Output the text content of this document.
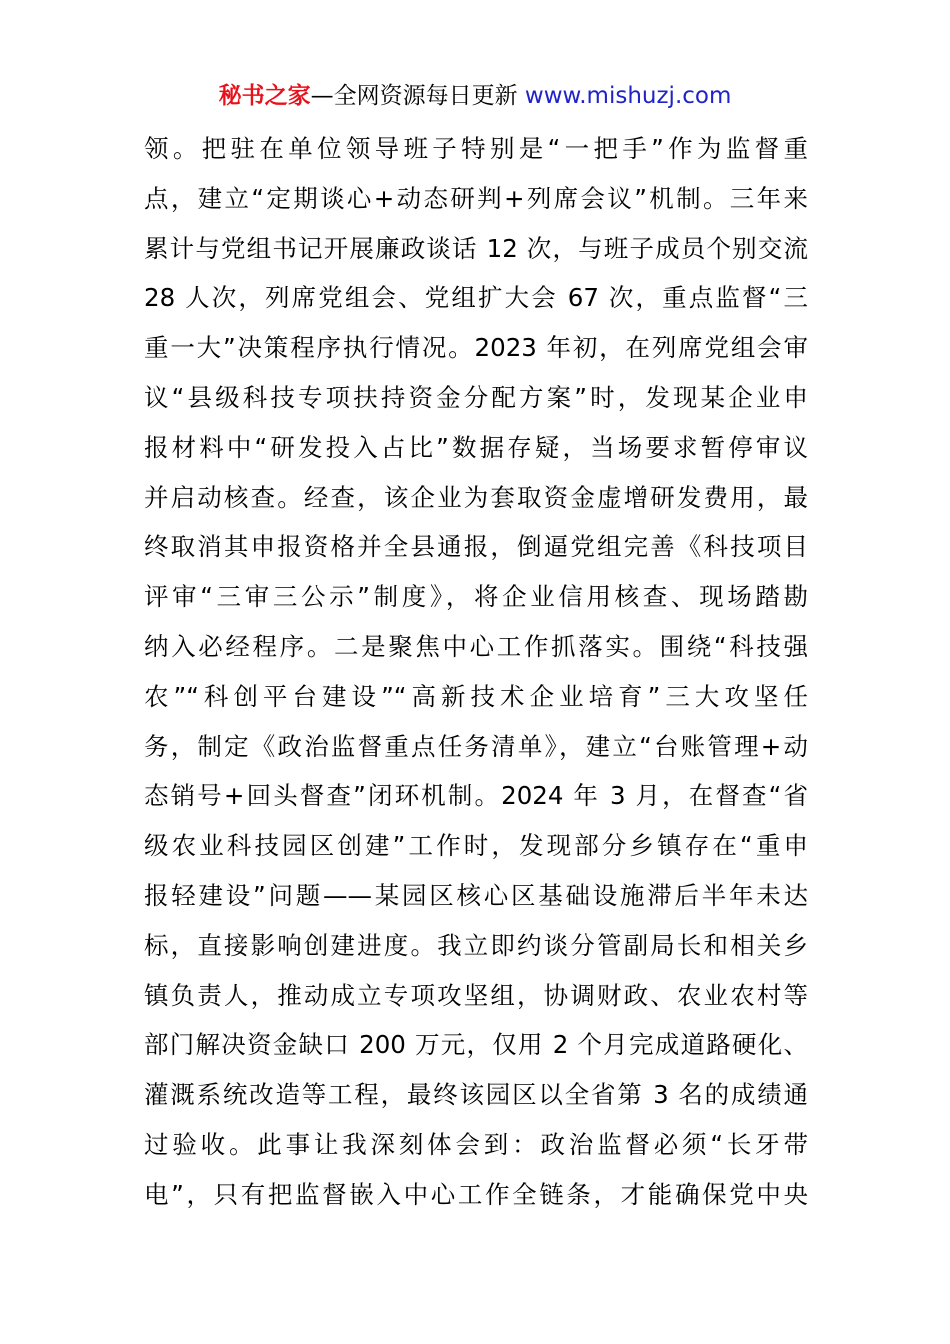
秘书之家—全网资源每日更新 www.mishuzj.com
领。把驻在单位领导班子特别是“一把手”作为监督重
点，建立“定期谈心+动态研判+列席会议”机制。三年来
累计与党组书记开展廉政谈话 12 次，与班子成员个别交流
28 人次，列席党组会、党组扩大会 67 次，重点监督“三
重一大”决策程序执行情况。2023 年初，在列席党组会审
议“县级科技专项扶持资金分配方案”时，发现某企业申
报材料中“研发投入占比”数据存疑，当场要求暂停审议
并启动核查。经查，该企业为套取资金虚增研发费用，最
终取消其申报资格并全县通报，倒逼党组完善《科技项目
评审“三审三公示”制度》，将企业信用核查、现场踏勘
纳入必经程序。二是聚焦中心工作抓落实。围绕“科技强
农”“科创平台建设”“高新技术企业培育”三大攻坚任
务，制定《政治监督重点任务清单》，建立“台账管理+动
态销号+回头督查”闭环机制。2024 年 3 月，在督查“省
级农业科技园区创建”工作时，发现部分乡镇存在“重申
报轻建设”问题——某园区核心区基础设施滞后半年未达
标，直接影响创建进度。我立即约谈分管副局长和相关乡
镇负责人，推动成立专项攻坚组，协调财政、农业农村等
部门解决资金缺口 200 万元，仅用 2 个月完成道路硬化、
灌溉系统改造等工程，最终该园区以全省第 3 名的成绩通
过验收。此事让我深刻体会到：政治监督必须“长牙带
电”，只有把监督嵌入中心工作全链条，才能确保党中央
